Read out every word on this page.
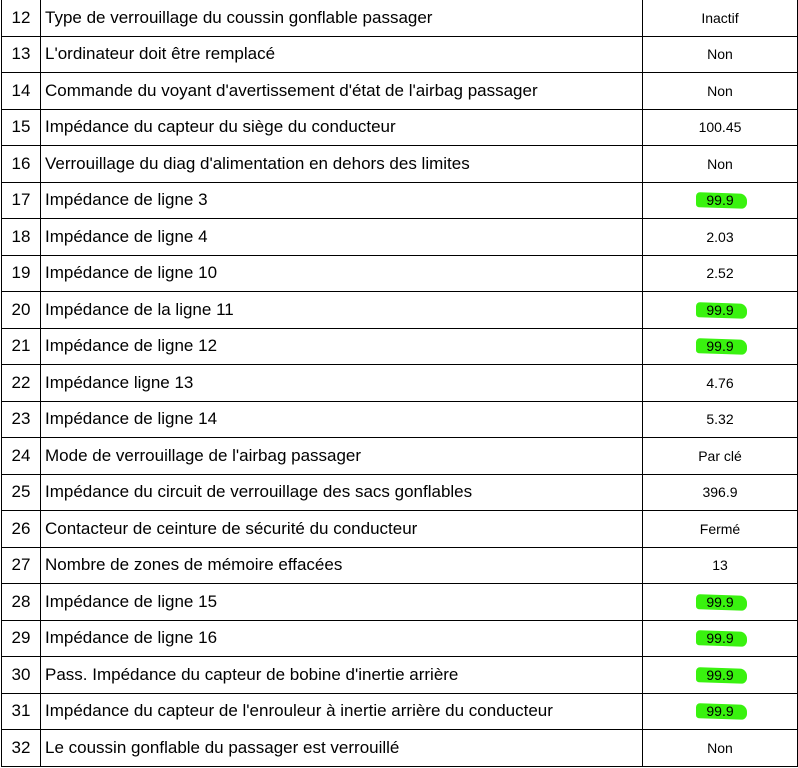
12	Type de verrouillage du coussin gonflable passager	Inactif
13	L'ordinateur doit être remplacé	Non
14	Commande du voyant d'avertissement d'état de l'airbag passager	Non
15	Impédance du capteur du siège du conducteur	100.45
16	Verrouillage du diag d'alimentation en dehors des limites	Non
17	Impédance de ligne 3	99.9
18	Impédance de ligne 4	2.03
19	Impédance de ligne 10	2.52
20	Impédance de la ligne 11	99.9
21	Impédance de ligne 12	99.9
22	Impédance ligne 13	4.76
23	Impédance de ligne 14	5.32
24	Mode de verrouillage de l'airbag passager	Par clé
25	Impédance du circuit de verrouillage des sacs gonflables	396.9
26	Contacteur de ceinture de sécurité du conducteur	Fermé
27	Nombre de zones de mémoire effacées	13
28	Impédance de ligne 15	99.9
29	Impédance de ligne 16	99.9
30	Pass. Impédance du capteur de bobine d'inertie arrière	99.9
31	Impédance du capteur de l'enrouleur à inertie arrière du conducteur	99.9
32	Le coussin gonflable du passager est verrouillé	Non
